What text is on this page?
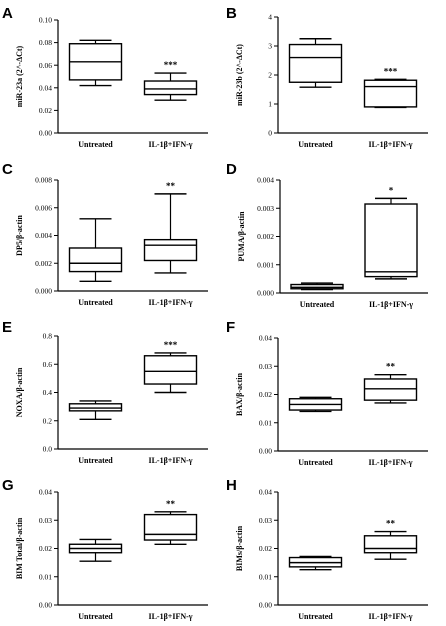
A
0.00
0.02
0.04
0.06
0.08
0.10
miR-23a (2^-ΔCt)
Untreated	IL-1β+IFN-γ
***
B
0
1
2
3
4
miR-23b (2^-ΔCt)
Untreated	IL-1β+IFN-γ
***
C
0.000
0.002
0.004
0.006
0.008
DP5/β-actin
Untreated	IL-1β+IFN-γ
**
D
0.000
0.001
0.002
0.003
0.004
PUMA/β-actin
Untreated	IL-1β+IFN-γ
*
E
0.0
0.2
0.4
0.6
0.8
NOXA/β-actin
Untreated	IL-1β+IFN-γ
***
F
0.00
0.01
0.02
0.03
0.04
BAX/β-actin
Untreated	IL-1β+IFN-γ
**
G
0.00
0.01
0.02
0.03
0.04
BIM Total/β-actin
Untreated	IL-1β+IFN-γ
**
H
0.00
0.01
0.02
0.03
0.04
BIMs/β-actin
Untreated	IL-1β+IFN-γ
**
